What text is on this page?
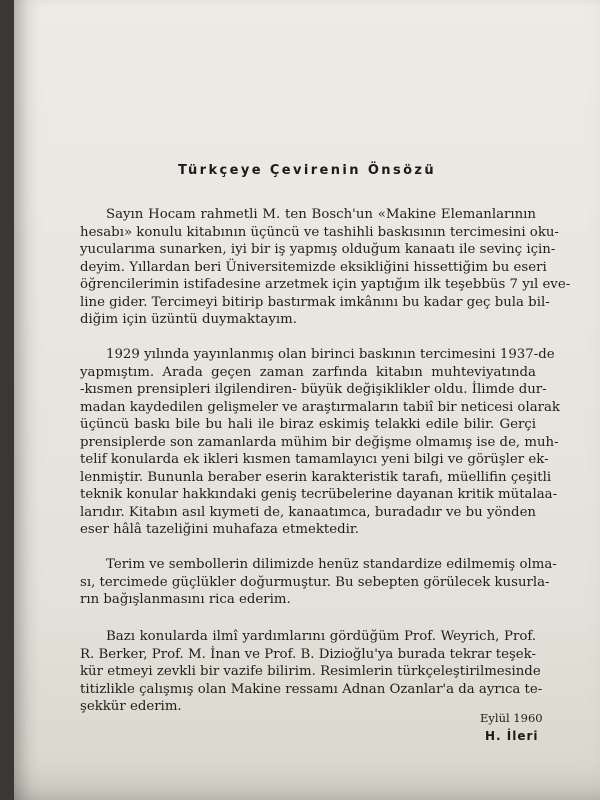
Türkçeye Çevirenin Önsözü
Sayın Hocam rahmetli M. ten Bosch'un «Makine Elemanlarının
hesabı» konulu kitabının üçüncü ve tashihli baskısının tercimesini oku-
yucularıma sunarken, iyi bir iş yapmış olduğum kanaatı ile sevinç için-
deyim. Yıllardan beri Üniversitemizde eksikliğini hissettiğim bu eseri
öğrencilerimin istifadesine arzetmek için yaptığım ilk teşebbüs 7 yıl eve-
line gider. Tercimeyi bitirip bastırmak imkânını bu kadar geç bula bil-
diğim için üzüntü duymaktayım.
1929 yılında yayınlanmış olan birinci baskının tercimesini 1937-de
yapmıştım. Arada geçen zaman zarfında kitabın muhteviyatında
-kısmen prensipleri ilgilendiren- büyük değişiklikler oldu. İlimde dur-
madan kaydedilen gelişmeler ve araştırmaların tabiî bir neticesi olarak
üçüncü baskı bile bu hali ile biraz eskimiş telakki edile bilir. Gerçi
prensiplerde son zamanlarda mühim bir değişme olmamış ise de, muh-
telif konularda ek ikleri kısmen tamamlayıcı yeni bilgi ve görüşler ek-
lenmiştir. Bununla beraber eserin karakteristik tarafı, müellifin çeşitli
teknik konular hakkındaki geniş tecrübelerine dayanan kritik mütalaa-
larıdır. Kitabın asıl kıymeti de, kanaatımca, buradadır ve bu yönden
eser hâlâ tazeliğini muhafaza etmektedir.
Terim ve sembollerin dilimizde henüz standardize edilmemiş olma-
sı, tercimede güçlükler doğurmuştur. Bu sebepten görülecek kusurla-
rın bağışlanmasını rica ederim.
Bazı konularda ilmî yardımlarını gördüğüm Prof. Weyrich, Prof.
R. Berker, Prof. M. İnan ve Prof. B. Dizioğlu'ya burada tekrar teşek-
kür etmeyi zevkli bir vazife bilirim. Resimlerin türkçeleştirilmesinde
titizlikle çalışmış olan Makine ressamı Adnan Ozanlar'a da ayrıca te-
şekkür ederim.
Eylül 1960
H. İleri
